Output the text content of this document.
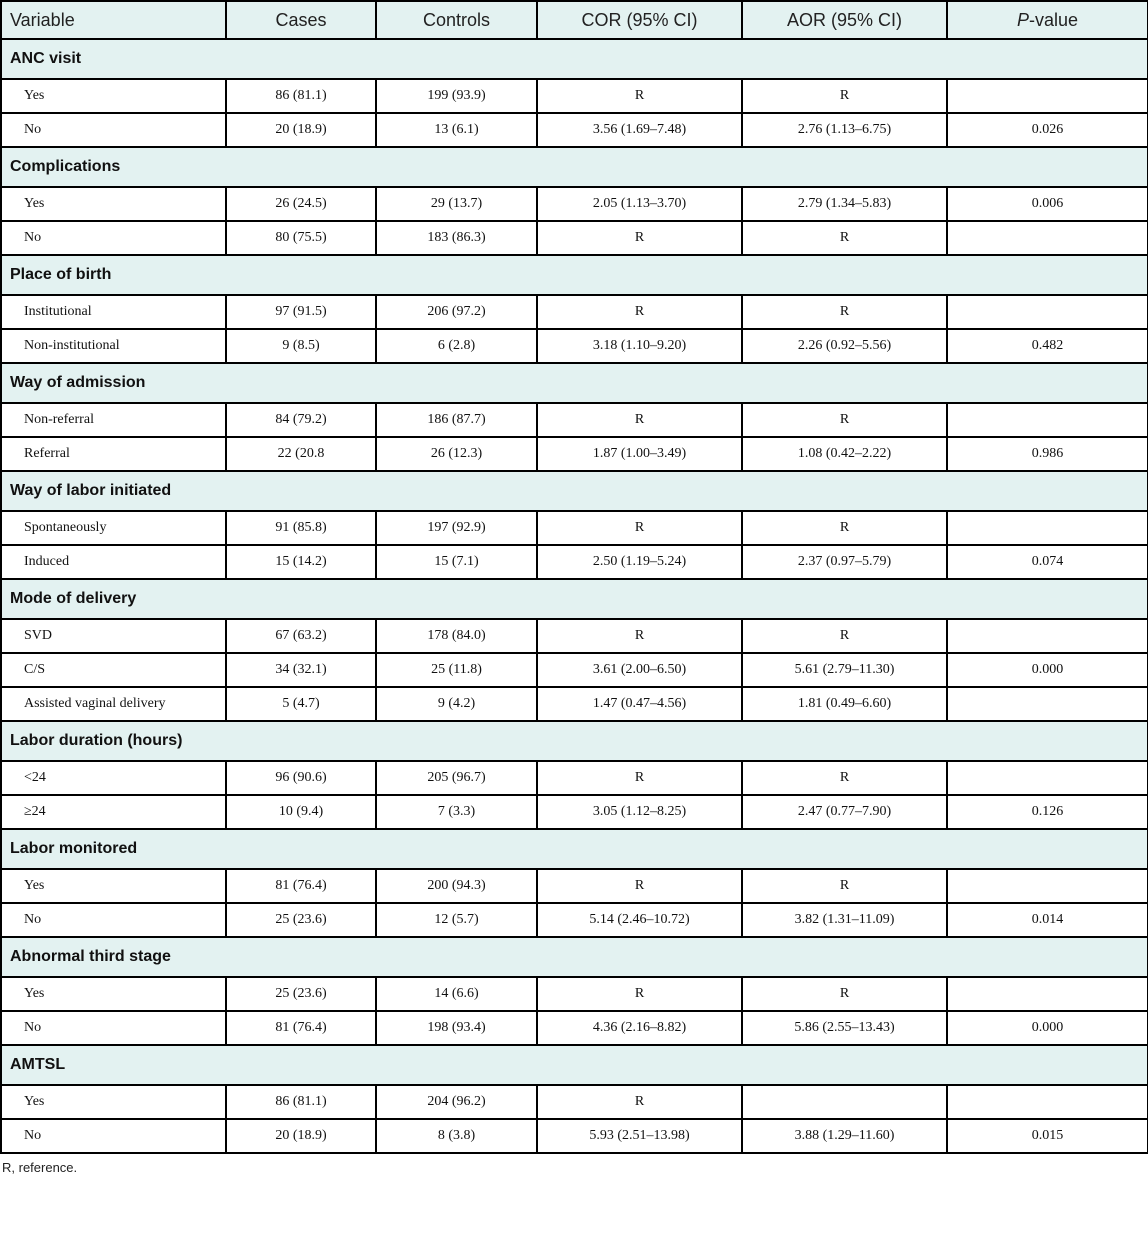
Variable	Cases	Controls	COR (95% CI)	AOR (95% CI)	P-value
ANC visit					
Yes	86 (81.1)	199 (93.9)	R	R	
No	20 (18.9)	13 (6.1)	3.56 (1.69–7.48)	2.76 (1.13–6.75)	0.026
Complications					
Yes	26 (24.5)	29 (13.7)	2.05 (1.13–3.70)	2.79 (1.34–5.83)	0.006
No	80 (75.5)	183 (86.3)	R	R	
Place of birth					
Institutional	97 (91.5)	206 (97.2)	R	R	
Non-institutional	9 (8.5)	6 (2.8)	3.18 (1.10–9.20)	2.26 (0.92–5.56)	0.482
Way of admission					
Non-referral	84 (79.2)	186 (87.7)	R	R	
Referral	22 (20.8	26 (12.3)	1.87 (1.00–3.49)	1.08 (0.42–2.22)	0.986
Way of labor initiated					
Spontaneously	91 (85.8)	197 (92.9)	R	R	
Induced	15 (14.2)	15 (7.1)	2.50 (1.19–5.24)	2.37 (0.97–5.79)	0.074
Mode of delivery					
SVD	67 (63.2)	178 (84.0)	R	R	
C/S	34 (32.1)	25 (11.8)	3.61 (2.00–6.50)	5.61 (2.79–11.30)	0.000
Assisted vaginal delivery	5 (4.7)	9 (4.2)	1.47 (0.47–4.56)	1.81 (0.49–6.60)	
Labor duration (hours)					
<24	96 (90.6)	205 (96.7)	R	R	
≥24	10 (9.4)	7 (3.3)	3.05 (1.12–8.25)	2.47 (0.77–7.90)	0.126
Labor monitored					
Yes	81 (76.4)	200 (94.3)	R	R	
No	25 (23.6)	12 (5.7)	5.14 (2.46–10.72)	3.82 (1.31–11.09)	0.014
Abnormal third stage					
Yes	25 (23.6)	14 (6.6)	R	R	
No	81 (76.4)	198 (93.4)	4.36 (2.16–8.82)	5.86 (2.55–13.43)	0.000
AMTSL					
Yes	86 (81.1)	204 (96.2)	R		
No	20 (18.9)	8 (3.8)	5.93 (2.51–13.98)	3.88 (1.29–11.60)	0.015
R, reference.
